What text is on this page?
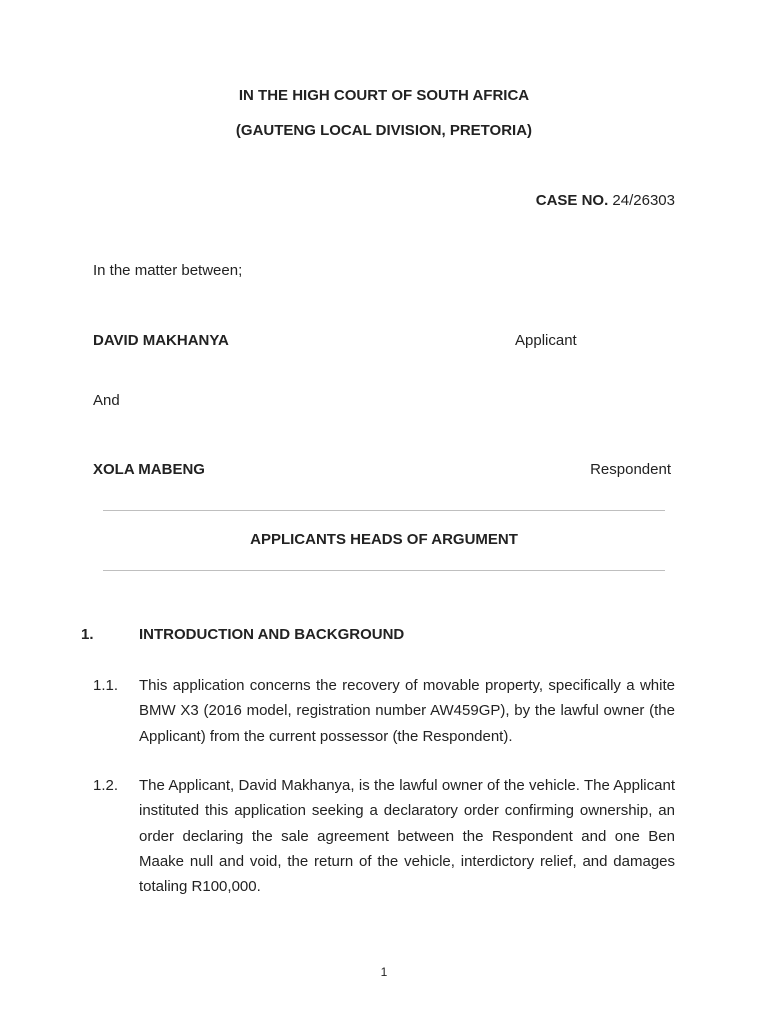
IN THE HIGH COURT OF SOUTH AFRICA
(GAUTENG LOCAL DIVISION, PRETORIA)
CASE NO. 24/26303
In the matter between;
DAVID MAKHANYA	Applicant
And
XOLA MABENG	Respondent
APPLICANTS HEADS OF ARGUMENT
1.	INTRODUCTION AND BACKGROUND
1.1. This application concerns the recovery of movable property, specifically a white BMW X3 (2016 model, registration number AW459GP), by the lawful owner (the Applicant) from the current possessor (the Respondent).
1.2. The Applicant, David Makhanya, is the lawful owner of the vehicle. The Applicant instituted this application seeking a declaratory order confirming ownership, an order declaring the sale agreement between the Respondent and one Ben Maake null and void, the return of the vehicle, interdictory relief, and damages totaling R100,000.
1
